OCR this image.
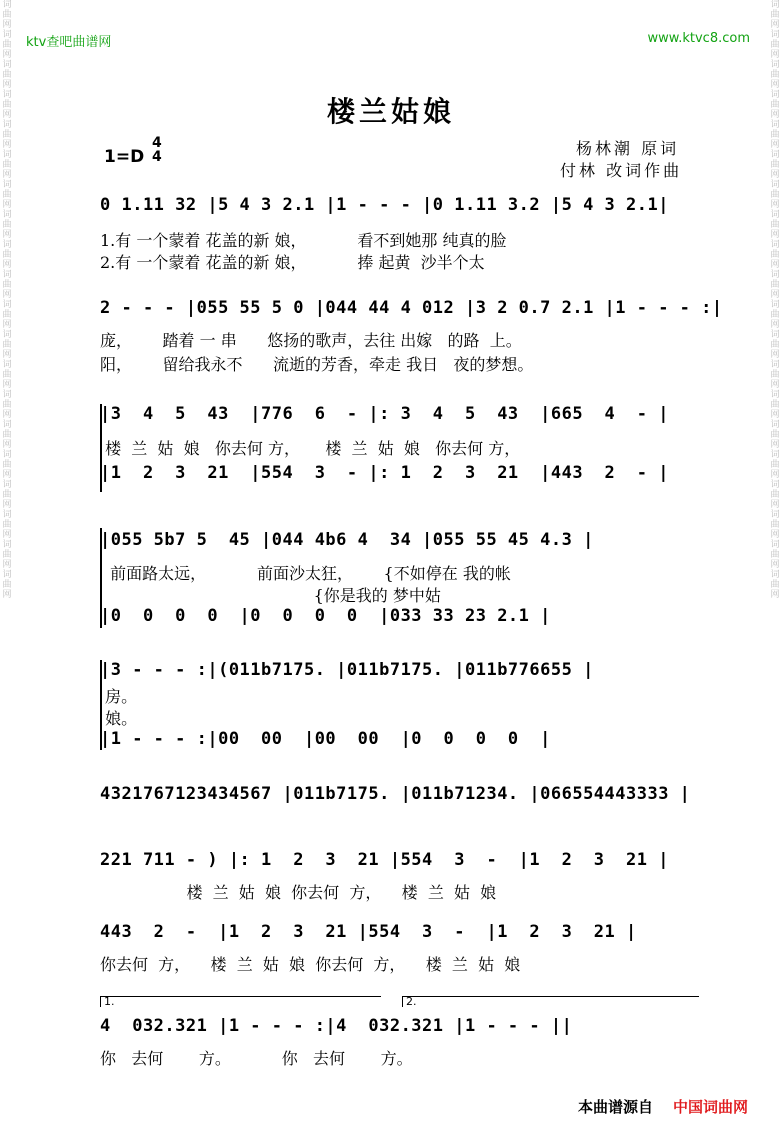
词曲网词曲网词曲网词曲网词曲网词曲网词曲网词曲网词曲网词曲网词曲网词曲网词曲网词曲网词曲网词曲网词曲网词曲网词曲网词曲网
词曲网词曲网词曲网词曲网词曲网词曲网词曲网词曲网词曲网词曲网词曲网词曲网词曲网词曲网词曲网词曲网词曲网词曲网词曲网词曲网
ktv查吧曲谱网	www.ktvc8.com
楼兰姑娘
1=D
4
4	杨林潮 原词
付林 改词作曲
0 1.11 32 |5 4 3 2.1 |1 - - - |0 1.11 3.2 |5 4 3 2.1|
1.有 一个蒙着 花盖的新 娘，          看不到她那 纯真的脸
2.有 一个蒙着 花盖的新 娘，          捧 起黄  沙半个太
2 - - - |055 55 5 0 |044 44 4 012 |3 2 0.7 2.1 |1 - - - :|
庞，      踏着 一 串      悠扬的歌声，去往 出嫁   的路  上。
阳，      留给我永不      流逝的芳香，牵走 我日   夜的梦想。
|3  4  5  43  |776  6  - |: 3  4  5  43  |665  4  - |
楼  兰  姑  娘   你去何 方，     楼  兰  姑  娘   你去何 方，
|1  2  3  21  |554  3  - |: 1  2  3  21  |443  2  - |
|055 5b7 5  45 |044 4b6 4  34 |055 55 45 4.3 |
前面路太远，          前面沙太狂，      {不如停在 我的帐
{你是我的 梦中姑
|0  0  0  0  |0  0  0  0  |033 33 23 2.1 |
|3 - - - :|(011b7175. |011b7175. |011b776655 |
房。
娘。
|1 - - - :|00  00  |00  00  |0  0  0  0  |
4321767123434567 |011b7175. |011b71234. |066554443333 |
221 711 - ) |: 1  2  3  21 |554  3  -  |1  2  3  21 |
楼  兰  姑  娘  你去何  方，    楼  兰  姑  娘
443  2  -  |1  2  3  21 |554  3  -  |1  2  3  21 |
你去何  方，    楼  兰  姑  娘  你去何  方，    楼  兰  姑  娘
1.	2.
4  032.321 |1 - - - :|4  032.321 |1 - - - ||
你   去何       方。          你   去何       方。
本曲谱源自 中国词曲网
